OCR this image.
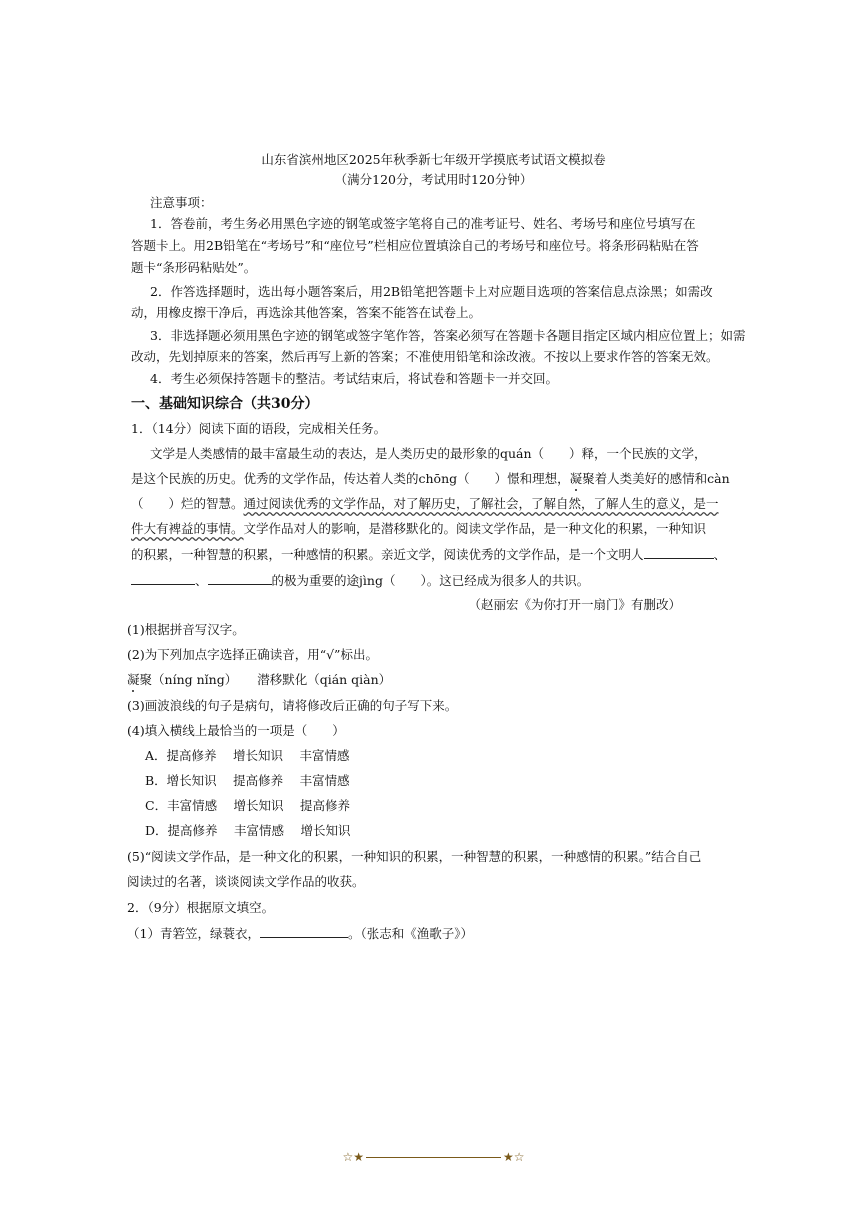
山东省滨州地区2025年秋季新七年级开学摸底考试语文模拟卷
（满分120分，考试用时120分钟）
注意事项：
1．答卷前，考生务必用黑色字迹的钢笔或签字笔将自己的准考证号、姓名、考场号和座位号填写在
答题卡上。用2B铅笔在“考场号”和“座位号”栏相应位置填涂自己的考场号和座位号。将条形码粘贴在答
题卡“条形码粘贴处”。
2．作答选择题时，选出每小题答案后，用2B铅笔把答题卡上对应题目选项的答案信息点涂黑；如需改
动，用橡皮擦干净后，再选涂其他答案，答案不能答在试卷上。
3．非选择题必须用黑色字迹的钢笔或签字笔作答，答案必须写在答题卡各题目指定区域内相应位置上；如需
改动，先划掉原来的答案，然后再写上新的答案；不准使用铅笔和涂改液。不按以上要求作答的答案无效。
4．考生必须保持答题卡的整洁。考试结束后，将试卷和答题卡一并交回。
一、基础知识综合（共30分）
1．（14分）阅读下面的语段，完成相关任务。
文学是人类感情的最丰富最生动的表达，是人类历史的最形象的quán（　　）释，一个民族的文学，
是这个民族的历史。优秀的文学作品，传达着人类的chōng（　　）憬和理想，凝聚着人类美好的感情和càn
（　　）烂的智慧。通过阅读优秀的文学作品，对了解历史，了解社会，了解自然，了解人生的意义，是一
件大有裨益的事情。文学作品对人的影响，是潜移默化的。阅读文学作品，是一种文化的积累，一种知识
的积累，一种智慧的积累，一种感情的积累。亲近文学，阅读优秀的文学作品，是一个文明人	、
、	的极为重要的途jìng（　　）。这已经成为很多人的共识。
（赵丽宏《为你打开一扇门》有删改）
(1)根据拼音写汉字。
(2)为下列加点字选择正确读音，用“√”标出。
凝聚（níng nǐng） 潜移默化（qián qiàn）
(3)画波浪线的句子是病句，请将修改后正确的句子写下来。
(4)填入横线上最恰当的一项是（　　）
A．提高修养　 增长知识　 丰富情感
B．增长知识　 提高修养　 丰富情感
C．丰富情感　 增长知识　 提高修养
D．提高修养　 丰富情感　 增长知识
(5)“阅读文学作品，是一种文化的积累，一种知识的积累，一种智慧的积累，一种感情的积累。”结合自己
阅读过的名著，谈谈阅读文学作品的收获。
2．（9分）根据原文填空。
（1）青箬笠，绿蓑衣，	。（张志和《渔歌子》）
☆★	★☆
